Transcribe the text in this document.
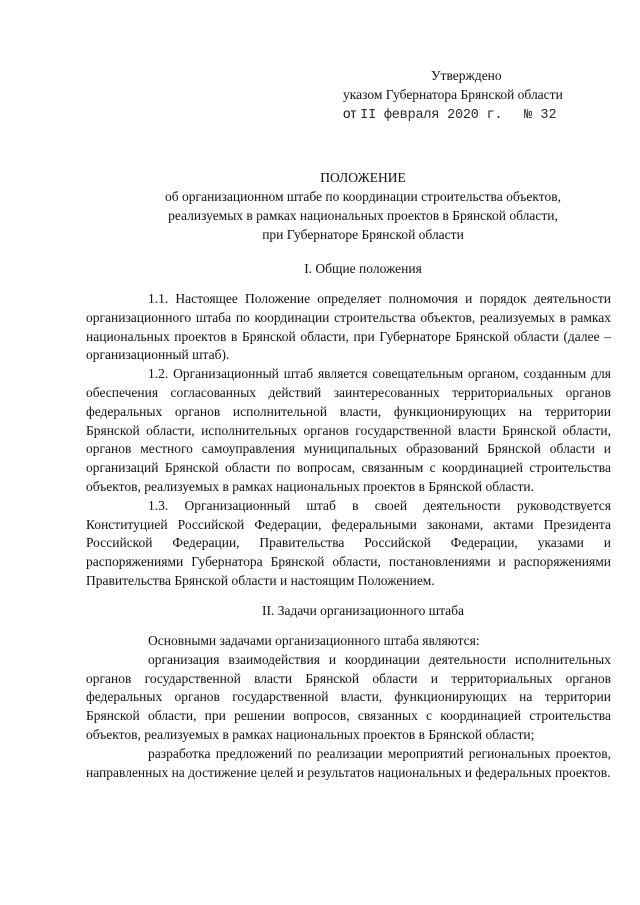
Утверждено
указом Губернатора Брянской области
от II февраля 2020 г. № 32
ПОЛОЖЕНИЕ
об организационном штабе по координации строительства объектов,
реализуемых в рамках национальных проектов в Брянской области,
при Губернаторе Брянской области
I. Общие положения

1.1. Настоящее Положение определяет полномочия и порядок деятельности организационного штаба по координации строительства объектов, реализуемых в рамках национальных проектов в Брянской области, при Губернаторе Брянской области (далее – организационный штаб).

1.2. Организационный штаб является совещательным органом, созданным для обеспечения согласованных действий заинтересованных территориальных органов федеральных органов исполнительной власти, функционирующих на территории Брянской области, исполнительных органов государственной власти Брянской области, органов местного самоуправления муниципальных образований Брянской области и организаций Брянской области по вопросам, связанным с координацией строительства объектов, реализуемых в рамках национальных проектов в Брянской области.

1.3. Организационный штаб в своей деятельности руководствуется Конституцией Российской Федерации, федеральными законами, актами Президента Российской Федерации, Правительства Российской Федерации, указами и распоряжениями Губернатора Брянской области, постановлениями и распоряжениями Правительства Брянской области и настоящим Положением.

II. Задачи организационного штаба

Основными задачами организационного штаба являются:

организация взаимодействия и координации деятельности исполнительных органов государственной власти Брянской области и территориальных органов федеральных органов государственной власти, функционирующих на территории Брянской области, при решении вопросов, связанных с координацией строительства объектов, реализуемых в рамках национальных проектов в Брянской области;

разработка предложений по реализации мероприятий региональных проектов, направленных на достижение целей и результатов национальных и федеральных проектов.
